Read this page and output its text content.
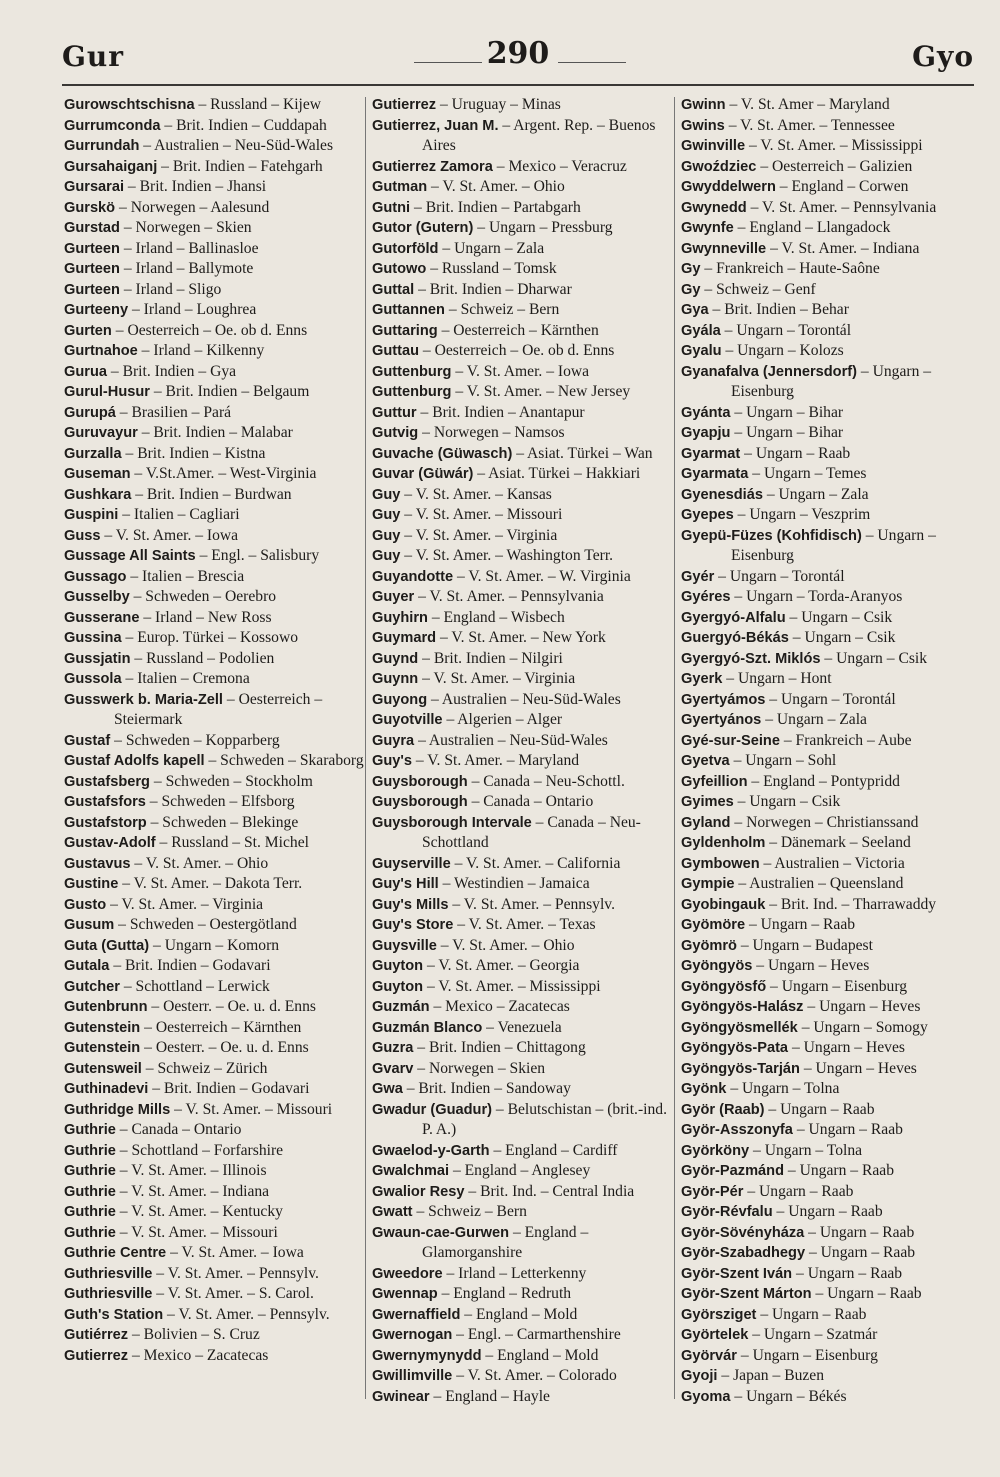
Gur	290	Gyo
Gurowschtschisna – Russland – Kijew
Gurrumconda – Brit. Indien – Cuddapah
Gurrundah – Australien – Neu-Süd-Wales
Gursahaiganj – Brit. Indien – Fatehgarh
Gursarai – Brit. Indien – Jhansi
Gurskö – Norwegen – Aalesund
Gurstad – Norwegen – Skien
Gurteen – Irland – Ballinasloe
Gurteen – Irland – Ballymote
Gurteen – Irland – Sligo
Gurteeny – Irland – Loughrea
Gurten – Oesterreich – Oe. ob d. Enns
Gurtnahoe – Irland – Kilkenny
Gurua – Brit. Indien – Gya
Gurul-Husur – Brit. Indien – Belgaum
Gurupá – Brasilien – Pará
Guruvayur – Brit. Indien – Malabar
Gurzalla – Brit. Indien – Kistna
Guseman – V.St.Amer. – West-Virginia
Gushkara – Brit. Indien – Burdwan
Guspini – Italien – Cagliari
Guss – V. St. Amer. – Iowa
Gussage All Saints – Engl. – Salisbury
Gussago – Italien – Brescia
Gusselby – Schweden – Oerebro
Gusserane – Irland – New Ross
Gussina – Europ. Türkei – Kossowo
Gussjatin – Russland – Podolien
Gussola – Italien – Cremona
Gusswerk b. Maria-Zell – Oesterreich – Steiermark
Gustaf – Schweden – Kopparberg
Gustaf Adolfs kapell – Schweden – Skaraborg
Gustafsberg – Schweden – Stockholm
Gustafsfors – Schweden – Elfsborg
Gustafstorp – Schweden – Blekinge
Gustav-Adolf – Russland – St. Michel
Gustavus – V. St. Amer. – Ohio
Gustine – V. St. Amer. – Dakota Terr.
Gusto – V. St. Amer. – Virginia
Gusum – Schweden – Oestergötland
Guta (Gutta) – Ungarn – Komorn
Gutala – Brit. Indien – Godavari
Gutcher – Schottland – Lerwick
Gutenbrunn – Oesterr. – Oe. u. d. Enns
Gutenstein – Oesterreich – Kärnthen
Gutenstein – Oesterr. – Oe. u. d. Enns
Gutensweil – Schweiz – Zürich
Guthinadevi – Brit. Indien – Godavari
Guthridge Mills – V. St. Amer. – Missouri
Guthrie – Canada – Ontario
Guthrie – Schottland – Forfarshire
Guthrie – V. St. Amer. – Illinois
Guthrie – V. St. Amer. – Indiana
Guthrie – V. St. Amer. – Kentucky
Guthrie – V. St. Amer. – Missouri
Guthrie Centre – V. St. Amer. – Iowa
Guthriesville – V. St. Amer. – Pennsylv.
Guthriesville – V. St. Amer. – S. Carol.
Guth's Station – V. St. Amer. – Pennsylv.
Gutiérrez – Bolivien – S. Cruz
Gutierrez – Mexico – Zacatecas
Gutierrez – Uruguay – Minas
Gutierrez, Juan M. – Argent. Rep. – Buenos Aires
Gutierrez Zamora – Mexico – Veracruz
Gutman – V. St. Amer. – Ohio
Gutni – Brit. Indien – Partabgarh
Gutor (Gutern) – Ungarn – Pressburg
Gutorföld – Ungarn – Zala
Gutowo – Russland – Tomsk
Guttal – Brit. Indien – Dharwar
Guttannen – Schweiz – Bern
Guttaring – Oesterreich – Kärnthen
Guttau – Oesterreich – Oe. ob d. Enns
Guttenburg – V. St. Amer. – Iowa
Guttenburg – V. St. Amer. – New Jersey
Guttur – Brit. Indien – Anantapur
Gutvig – Norwegen – Namsos
Guvache (Güwasch) – Asiat. Türkei – Wan
Guvar (Güwár) – Asiat. Türkei – Hakkiari
Guy – V. St. Amer. – Kansas
Guy – V. St. Amer. – Missouri
Guy – V. St. Amer. – Virginia
Guy – V. St. Amer. – Washington Terr.
Guyandotte – V. St. Amer. – W. Virginia
Guyer – V. St. Amer. – Pennsylvania
Guyhirn – England – Wisbech
Guymard – V. St. Amer. – New York
Guynd – Brit. Indien – Nilgiri
Guynn – V. St. Amer. – Virginia
Guyong – Australien – Neu-Süd-Wales
Guyotville – Algerien – Alger
Guyra – Australien – Neu-Süd-Wales
Guy's – V. St. Amer. – Maryland
Guysborough – Canada – Neu-Schottl.
Guysborough – Canada – Ontario
Guysborough Intervale – Canada – Neu-Schottland
Guyserville – V. St. Amer. – California
Guy's Hill – Westindien – Jamaica
Guy's Mills – V. St. Amer. – Pennsylv.
Guy's Store – V. St. Amer. – Texas
Guysville – V. St. Amer. – Ohio
Guyton – V. St. Amer. – Georgia
Guyton – V. St. Amer. – Mississippi
Guzmán – Mexico – Zacatecas
Guzmán Blanco – Venezuela
Guzra – Brit. Indien – Chittagong
Gvarv – Norwegen – Skien
Gwa – Brit. Indien – Sandoway
Gwadur (Guadur) – Belutschistan – (brit.-ind. P. A.)
Gwaelod-y-Garth – England – Cardiff
Gwalchmai – England – Anglesey
Gwalior Resy – Brit. Ind. – Central India
Gwatt – Schweiz – Bern
Gwaun-cae-Gurwen – England – Glamorganshire
Gweedore – Irland – Letterkenny
Gwennap – England – Redruth
Gwernaffield – England – Mold
Gwernogan – Engl. – Carmarthenshire
Gwernymynydd – England – Mold
Gwillimville – V. St. Amer. – Colorado
Gwinear – England – Hayle
Gwinn – V. St. Amer – Maryland
Gwins – V. St. Amer. – Tennessee
Gwinville – V. St. Amer. – Mississippi
Gwoździec – Oesterreich – Galizien
Gwyddelwern – England – Corwen
Gwynedd – V. St. Amer. – Pennsylvania
Gwynfe – England – Llangadock
Gwynneville – V. St. Amer. – Indiana
Gy – Frankreich – Haute-Saône
Gy – Schweiz – Genf
Gya – Brit. Indien – Behar
Gyála – Ungarn – Torontál
Gyalu – Ungarn – Kolozs
Gyanafalva (Jennersdorf) – Ungarn – Eisenburg
Gyánta – Ungarn – Bihar
Gyapju – Ungarn – Bihar
Gyarmat – Ungarn – Raab
Gyarmata – Ungarn – Temes
Gyenesdiás – Ungarn – Zala
Gyepes – Ungarn – Veszprim
Gyepü-Füzes (Kohfidisch) – Ungarn – Eisenburg
Gyér – Ungarn – Torontál
Gyéres – Ungarn – Torda-Aranyos
Gyergyó-Alfalu – Ungarn – Csik
Guergyó-Békás – Ungarn – Csik
Gyergyó-Szt. Miklós – Ungarn – Csik
Gyerk – Ungarn – Hont
Gyertyámos – Ungarn – Torontál
Gyertyános – Ungarn – Zala
Gyé-sur-Seine – Frankreich – Aube
Gyetva – Ungarn – Sohl
Gyfeillion – England – Pontypridd
Gyimes – Ungarn – Csik
Gyland – Norwegen – Christianssand
Gyldenholm – Dänemark – Seeland
Gymbowen – Australien – Victoria
Gympie – Australien – Queensland
Gyobingauk – Brit. Ind. – Tharrawaddy
Gyömöre – Ungarn – Raab
Gyömrö – Ungarn – Budapest
Gyöngyös – Ungarn – Heves
Gyöngyösfő – Ungarn – Eisenburg
Gyöngyös-Halász – Ungarn – Heves
Gyöngyösmellék – Ungarn – Somogy
Gyöngyös-Pata – Ungarn – Heves
Gyöngyös-Tarján – Ungarn – Heves
Gyönk – Ungarn – Tolna
Györ (Raab) – Ungarn – Raab
Györ-Asszonyfa – Ungarn – Raab
Györköny – Ungarn – Tolna
Györ-Pazmánd – Ungarn – Raab
Györ-Pér – Ungarn – Raab
Györ-Révfalu – Ungarn – Raab
Györ-Sövényháza – Ungarn – Raab
Györ-Szabadhegy – Ungarn – Raab
Györ-Szent Iván – Ungarn – Raab
Györ-Szent Márton – Ungarn – Raab
Györsziget – Ungarn – Raab
Györtelek – Ungarn – Szatmár
Györvár – Ungarn – Eisenburg
Gyoji – Japan – Buzen
Gyoma – Ungarn – Békés
